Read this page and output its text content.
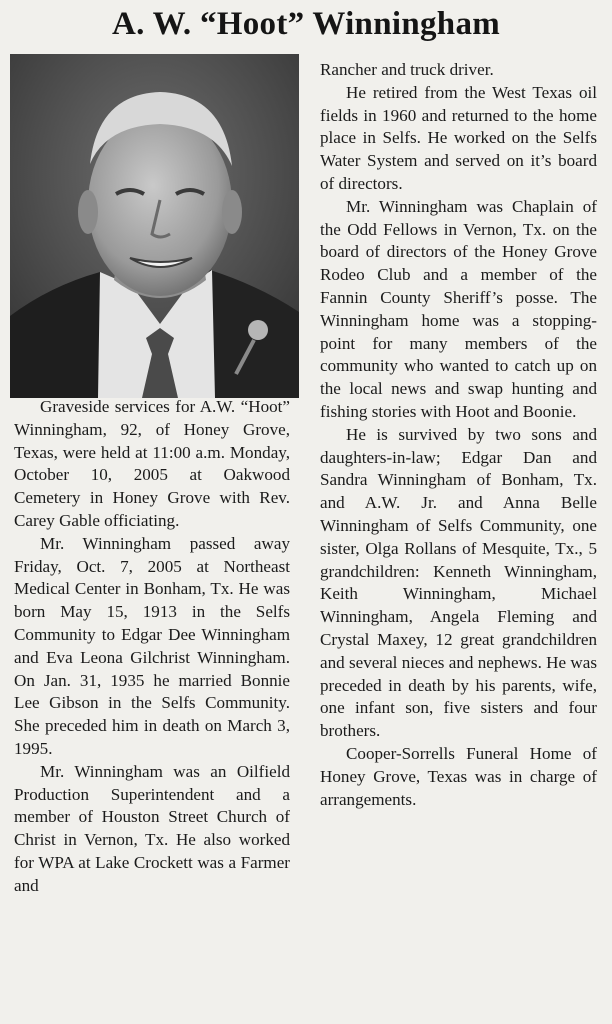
A. W. “Hoot” Winningham

Graveside services for A.W. “Hoot” Winningham, 92, of Honey Grove, Texas, were held at 11:00 a.m. Monday, October 10, 2005 at Oakwood Cemetery in Honey Grove with Rev. Carey Gable officiating.

Mr. Winningham passed away Friday, Oct. 7, 2005 at Northeast Medical Center in Bonham, Tx. He was born May 15, 1913 in the Selfs Community to Edgar Dee Winningham and Eva Leona Gilchrist Winningham. On Jan. 31, 1935 he married Bonnie Lee Gibson in the Selfs Community. She preceded him in death on March 3, 1995.

Mr. Winningham was an Oilfield Production Superintendent and a member of Houston Street Church of Christ in Vernon, Tx. He also worked for WPA at Lake Crockett was a Farmer and

Rancher and truck driver.

He retired from the West Texas oil fields in 1960 and returned to the home place in Selfs. He worked on the Selfs Water System and served on it’s board of directors.

Mr. Winningham was Chaplain of the Odd Fellows in Vernon, Tx. on the board of directors of the Honey Grove Rodeo Club and a member of the Fannin County Sheriff’s posse. The Winningham home was a stopping-point for many members of the community who wanted to catch up on the local news and swap hunting and fishing stories with Hoot and Boonie.

He is survived by two sons and daughters-in-law; Edgar Dan and Sandra Winningham of Bonham, Tx. and A.W. Jr. and Anna Belle Winningham of Selfs Community, one sister, Olga Rollans of Mesquite, Tx., 5 grandchildren: Kenneth Winningham, Keith Winningham, Michael Winningham, Angela Fleming and Crystal Maxey, 12 great grandchildren and several nieces and nephews. He was preceded in death by his parents, wife, one infant son, five sisters and four brothers.

Cooper-Sorrells Funeral Home of Honey Grove, Texas was in charge of arrangements.
